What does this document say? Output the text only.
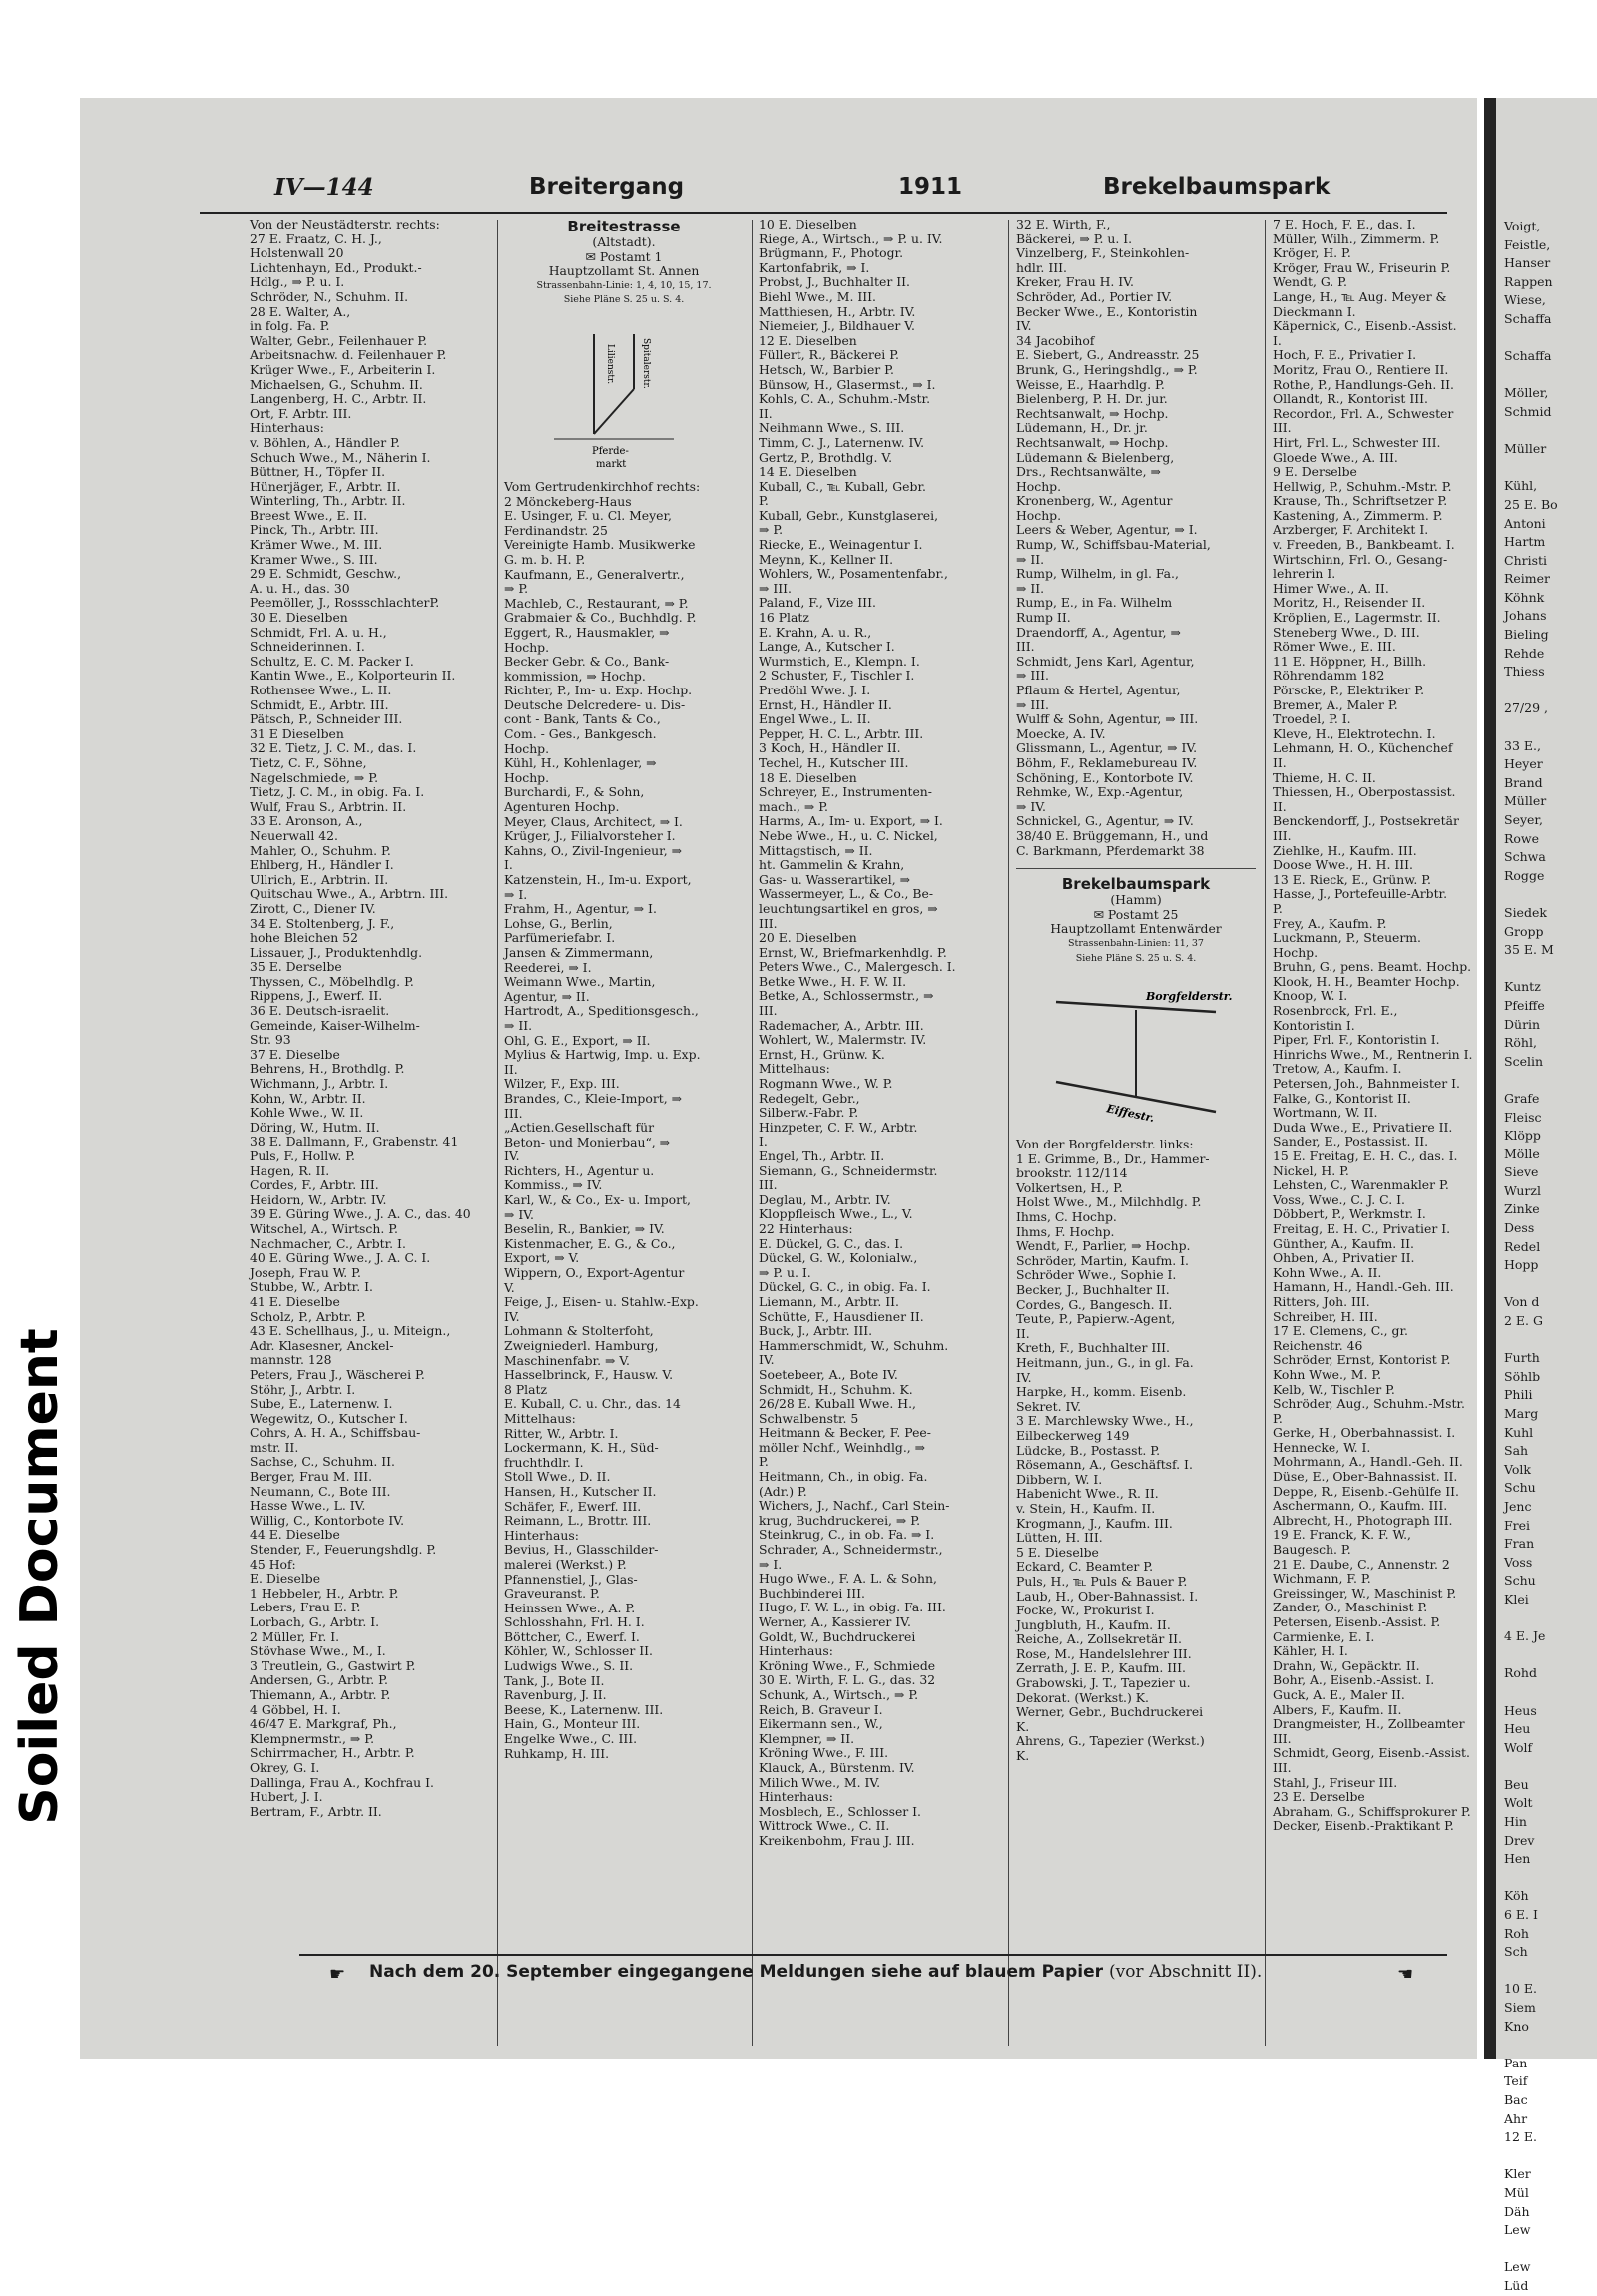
Soiled Document
IV—144	Breitergang	1911	Brekelbaumspark
Von der Neustädterstr. rechts:
27 E. Fraatz, C. H. J.,
Holstenwall 20
Lichtenhayn, Ed., Produkt.-
Hdlg., ⇒ P. u. I.
Schröder, N., Schuhm. II.
28 E. Walter, A.,
in folg. Fa. P.
Walter, Gebr., Feilenhauer P.
Arbeitsnachw. d. Feilenhauer P.
Krüger Wwe., F., Arbeiterin I.
Michaelsen, G., Schuhm. II.
Langenberg, H. C., Arbtr. II.
Ort, F. Arbtr. III.
Hinterhaus:
v. Böhlen, A., Händler P.
Schuch Wwe., M., Näherin I.
Büttner, H., Töpfer II.
Hünerjäger, F., Arbtr. II.
Winterling, Th., Arbtr. II.
Breest Wwe., E. II.
Pinck, Th., Arbtr. III.
Krämer Wwe., M. III.
Kramer Wwe., S. III.
29 E. Schmidt, Geschw.,
A. u. H., das. 30
Peemöller, J., RossschlachterP.
30 E. Dieselben
Schmidt, Frl. A. u. H.,
Schneiderinnen. I.
Schultz, E. C. M. Packer I.
Kantin Wwe., E., Kolporteurin II.
Rothensee Wwe., L. II.
Schmidt, E., Arbtr. III.
Pätsch, P., Schneider III.
31 E Dieselben
32 E. Tietz, J. C. M., das. I.
Tietz, C. F., Söhne,
Nagelschmiede, ⇒ P.
Tietz, J. C. M., in obig. Fa. I.
Wulf, Frau S., Arbtrin. II.
33 E. Aronson, A.,
Neuerwall 42.
Mahler, O., Schuhm. P.
Ehlberg, H., Händler I.
Ullrich, E., Arbtrin. II.
Quitschau Wwe., A., Arbtrn. III.
Zirott, C., Diener IV.
34 E. Stoltenberg, J. F.,
hohe Bleichen 52
Lissauer, J., Produktenhdlg.
35 E. Derselbe
Thyssen, C., Möbelhdlg. P.
Rippens, J., Ewerf. II.
36 E. Deutsch-israelit.
Gemeinde, Kaiser-Wilhelm-
Str. 93
37 E. Dieselbe
Behrens, H., Brothdlg. P.
Wichmann, J., Arbtr. I.
Kohn, W., Arbtr. II.
Kohle Wwe., W. II.
Döring, W., Hutm. II.
38 E. Dallmann, F., Grabenstr. 41
Puls, F., Hollw. P.
Hagen, R. II.
Cordes, F., Arbtr. III.
Heidorn, W., Arbtr. IV.
39 E. Güring Wwe., J. A. C., das. 40
Witschel, A., Wirtsch. P.
Nachmacher, C., Arbtr. I.
40 E. Güring Wwe., J. A. C. I.
Joseph, Frau W. P.
Stubbe, W., Arbtr. I.
41 E. Dieselbe
Scholz, P., Arbtr. P.
43 E. Schellhaus, J., u. Miteign.,
Adr. Klasesner, Anckel-
mannstr. 128
Peters, Frau J., Wäscherei P.
Stöhr, J., Arbtr. I.
Sube, E., Laternenw. I.
Wegewitz, O., Kutscher I.
Cohrs, A. H. A., Schiffsbau-
mstr. II.
Sachse, C., Schuhm. II.
Berger, Frau M. III.
Neumann, C., Bote III.
Hasse Wwe., L. IV.
Willig, C., Kontorbote IV.
44 E. Dieselbe
Stender, F., Feuerungshdlg. P.
45 Hof:
E. Dieselbe
1 Hebbeler, H., Arbtr. P.
Lebers, Frau E. P.
Lorbach, G., Arbtr. I.
2 Müller, Fr. I.
Stövhase Wwe., M., I.
3 Treutlein, G., Gastwirt P.
Andersen, G., Arbtr. P.
Thiemann, A., Arbtr. P.
4 Göbbel, H. I.
46/47 E. Markgraf, Ph.,
Klempnermstr., ⇒ P.
Schirrmacher, H., Arbtr. P.
Okrey, G. I.
Dallinga, Frau A., Kochfrau I.
Hubert, J. I.
Bertram, F., Arbtr. II.
Breitestrasse
(Altstadt).
✉ Postamt 1
Hauptzollamt St. Annen
Strassenbahn-Linie: 1, 4, 10, 15, 17.
Siehe Pläne S. 25 u. S. 4.
Lilienstr.	Spitalerstr.
Pferde-
markt
Vom Gertrudenkirchhof rechts:
2 Mönckeberg-Haus
E. Usinger, F. u. Cl. Meyer,
Ferdinandstr. 25
Vereinigte Hamb. Musikwerke
G. m. b. H. P.
Kaufmann, E., Generalvertr.,
⇒ P.
Machleb, C., Restaurant, ⇒ P.
Grabmaier & Co., Buchhdlg. P.
Eggert, R., Hausmakler, ⇒
Hochp.
Becker Gebr. & Co., Bank-
kommission, ⇒ Hochp.
Richter, P., Im- u. Exp. Hochp.
Deutsche Delcredere- u. Dis-
cont - Bank, Tants & Co.,
Com. - Ges., Bankgesch.
Hochp.
Kühl, H., Kohlenlager, ⇒
Hochp.
Burchardi, F., & Sohn,
Agenturen Hochp.
Meyer, Claus, Architect, ⇒ I.
Krüger, J., Filialvorsteher I.
Kahns, O., Zivil-Ingenieur, ⇒
I.
Katzenstein, H., Im-u. Export,
⇒ I.
Frahm, H., Agentur, ⇒ I.
Lohse, G., Berlin,
Parfümeriefabr. I.
Jansen & Zimmermann,
Reederei, ⇒ I.
Weimann Wwe., Martin,
Agentur, ⇒ II.
Hartrodt, A., Speditionsgesch.,
⇒ II.
Ohl, G. E., Export, ⇒ II.
Mylius & Hartwig, Imp. u. Exp.
II.
Wilzer, F., Exp. III.
Brandes, C., Kleie-Import, ⇒
III.
„Actien.Gesellschaft für
Beton- und Monierbau“, ⇒
IV.
Richters, H., Agentur u.
Kommiss., ⇒ IV.
Karl, W., & Co., Ex- u. Import,
⇒ IV.
Beselin, R., Bankier, ⇒ IV.
Kistenmacher, E. G., & Co.,
Export, ⇒ V.
Wippern, O., Export-Agentur
V.
Feige, J., Eisen- u. Stahlw.-Exp.
IV.
Lohmann & Stolterfoht,
Zweigniederl. Hamburg,
Maschinenfabr. ⇒ V.
Hasselbrinck, F., Hausw. V.
8 Platz
E. Kuball, C. u. Chr., das. 14
Mittelhaus:
Ritter, W., Arbtr. I.
Lockermann, K. H., Süd-
fruchthdlr. I.
Stoll Wwe., D. II.
Hansen, H., Kutscher II.
Schäfer, F., Ewerf. III.
Reimann, L., Brottr. III.
Hinterhaus:
Bevius, H., Glasschilder-
malerei (Werkst.) P.
Pfannenstiel, J., Glas-
Graveuranst. P.
Heinssen Wwe., A. P.
Schlosshahn, Frl. H. I.
Böttcher, C., Ewerf. I.
Köhler, W., Schlosser II.
Ludwigs Wwe., S. II.
Tank, J., Bote II.
Ravenburg, J. II.
Beese, K., Laternenw. III.
Hain, G., Monteur III.
Engelke Wwe., C. III.
Ruhkamp, H. III.
10 E. Dieselben
Riege, A., Wirtsch., ⇒ P. u. IV.
Brügmann, F., Photogr.
Kartonfabrik, ⇒ I.
Probst, J., Buchhalter II.
Biehl Wwe., M. III.
Matthiesen, H., Arbtr. IV.
Niemeier, J., Bildhauer V.
12 E. Dieselben
Füllert, R., Bäckerei P.
Hetsch, W., Barbier P.
Bünsow, H., Glasermst., ⇒ I.
Kohls, C. A., Schuhm.-Mstr.
II.
Neihmann Wwe., S. III.
Timm, C. J., Laternenw. IV.
Gertz, P., Brothdlg. V.
14 E. Dieselben
Kuball, C., ℡ Kuball, Gebr.
P.
Kuball, Gebr., Kunstglaserei,
⇒ P.
Riecke, E., Weinagentur I.
Meynn, K., Kellner II.
Wohlers, W., Posamentenfabr.,
⇒ III.
Paland, F., Vize III.
16 Platz
E. Krahn, A. u. R.,
Lange, A., Kutscher I.
Wurmstich, E., Klempn. I.
2 Schuster, F., Tischler I.
Predöhl Wwe. J. I.
Ernst, H., Händler II.
Engel Wwe., L. II.
Pepper, H. C. L., Arbtr. III.
3 Koch, H., Händler II.
Techel, H., Kutscher III.
18 E. Dieselben
Schreyer, E., Instrumenten-
mach., ⇒ P.
Harms, A., Im- u. Export, ⇒ I.
Nebe Wwe., H., u. C. Nickel,
Mittagstisch, ⇒ II.
ht. Gammelin & Krahn,
Gas- u. Wasserartikel, ⇒
Wassermeyer, L., & Co., Be-
leuchtungsartikel en gros, ⇒
III.
20 E. Dieselben
Ernst, W., Briefmarkenhdlg. P.
Peters Wwe., C., Malergesch. I.
Betke Wwe., H. F. W. II.
Betke, A., Schlossermstr., ⇒
III.
Rademacher, A., Arbtr. III.
Wohlert, W., Malermstr. IV.
Ernst, H., Grünw. K.
Mittelhaus:
Rogmann Wwe., W. P.
Redegelt, Gebr.,
Silberw.-Fabr. P.
Hinzpeter, C. F. W., Arbtr.
I.
Engel, Th., Arbtr. II.
Siemann, G., Schneidermstr.
III.
Deglau, M., Arbtr. IV.
Kloppfleisch Wwe., L., V.
22 Hinterhaus:
E. Dückel, G. C., das. I.
Dückel, G. W., Kolonialw.,
⇒ P. u. I.
Dückel, G. C., in obig. Fa. I.
Liemann, M., Arbtr. II.
Schütte, F., Hausdiener II.
Buck, J., Arbtr. III.
Hammerschmidt, W., Schuhm.
IV.
Soetebeer, A., Bote IV.
Schmidt, H., Schuhm. K.
26/28 E. Kuball Wwe. H.,
Schwalbenstr. 5
Heitmann & Becker, F. Pee-
möller Nchf., Weinhdlg., ⇒
P.
Heitmann, Ch., in obig. Fa.
(Adr.) P.
Wichers, J., Nachf., Carl Stein-
krug, Buchdruckerei, ⇒ P.
Steinkrug, C., in ob. Fa. ⇒ I.
Schrader, A., Schneidermstr.,
⇒ I.
Hugo Wwe., F. A. L. & Sohn,
Buchbinderei III.
Hugo, F. W. L., in obig. Fa. III.
Werner, A., Kassierer IV.
Goldt, W., Buchdruckerei
Hinterhaus:
Kröning Wwe., F., Schmiede
30 E. Wirth, F. L. G., das. 32
Schunk, A., Wirtsch., ⇒ P.
Reich, B. Graveur I.
Eikermann sen., W.,
Klempner, ⇒ II.
Kröning Wwe., F. III.
Klauck, A., Bürstenm. IV.
Milich Wwe., M. IV.
Hinterhaus:
Mosblech, E., Schlosser I.
Wittrock Wwe., C. II.
Kreikenbohm, Frau J. III.
32 E. Wirth, F.,
Bäckerei, ⇒ P. u. I.
Vinzelberg, F., Steinkohlen-
hdlr. III.
Kreker, Frau H. IV.
Schröder, Ad., Portier IV.
Becker Wwe., E., Kontoristin
IV.
34 Jacobihof
E. Siebert, G., Andreasstr. 25
Brunk, G., Heringshdlg., ⇒ P.
Weisse, E., Haarhdlg. P.
Bielenberg, P. H. Dr. jur.
Rechtsanwalt, ⇒ Hochp.
Lüdemann, H., Dr. jr.
Rechtsanwalt, ⇒ Hochp.
Lüdemann & Bielenberg,
Drs., Rechtsanwälte, ⇒
Hochp.
Kronenberg, W., Agentur
Hochp.
Leers & Weber, Agentur, ⇒ I.
Rump, W., Schiffsbau-Material,
⇒ II.
Rump, Wilhelm, in gl. Fa.,
⇒ II.
Rump, E., in Fa. Wilhelm
Rump II.
Draendorff, A., Agentur, ⇒
III.
Schmidt, Jens Karl, Agentur,
⇒ III.
Pflaum & Hertel, Agentur,
⇒ III.
Wulff & Sohn, Agentur, ⇒ III.
Moecke, A. IV.
Glissmann, L., Agentur, ⇒ IV.
Böhm, F., Reklamebureau IV.
Schöning, E., Kontorbote IV.
Rehmke, W., Exp.-Agentur,
⇒ IV.
Schnickel, G., Agentur, ⇒ IV.
38/40 E. Brüggemann, H., und
C. Barkmann, Pferdemarkt 38
Brekelbaumspark
(Hamm)
✉ Postamt 25
Hauptzollamt Entenwärder
Strassenbahn-Linien: 11, 37
Siehe Pläne S. 25 u. S. 4.
Borgfelderstr.
Eiffestr.
Von der Borgfelderstr. links:
1 E. Grimme, B., Dr., Hammer-
brookstr. 112/114
Volkertsen, H., P.
Holst Wwe., M., Milchhdlg. P.
Ihms, C. Hochp.
Ihms, F. Hochp.
Wendt, F., Parlier, ⇒ Hochp.
Schröder, Martin, Kaufm. I.
Schröder Wwe., Sophie I.
Becker, J., Buchhalter II.
Cordes, G., Bangesch. II.
Teute, P., Papierw.-Agent,
II.
Kreth, F., Buchhalter III.
Heitmann, jun., G., in gl. Fa.
IV.
Harpke, H., komm. Eisenb.
Sekret. IV.
3 E. Marchlewsky Wwe., H.,
Eilbeckerweg 149
Lüdcke, B., Postasst. P.
Rösemann, A., Geschäftsf. I.
Dibbern, W. I.
Habenicht Wwe., R. II.
v. Stein, H., Kaufm. II.
Krogmann, J., Kaufm. III.
Lütten, H. III.
5 E. Dieselbe
Eckard, C. Beamter P.
Puls, H., ℡ Puls & Bauer P.
Laub, H., Ober-Bahnassist. I.
Focke, W., Prokurist I.
Jungbluth, H., Kaufm. II.
Reiche, A., Zollsekretär II.
Rose, M., Handelslehrer III.
Zerrath, J. E. P., Kaufm. III.
Grabowski, J. T., Tapezier u.
Dekorat. (Werkst.) K.
Werner, Gebr., Buchdruckerei
K.
Ahrens, G., Tapezier (Werkst.)
K.
7 E. Hoch, F. E., das. I.
Müller, Wilh., Zimmerm. P.
Kröger, H. P.
Kröger, Frau W., Friseurin P.
Wendt, G. P.
Lange, H., ℡ Aug. Meyer &
Dieckmann I.
Käpernick, C., Eisenb.-Assist.
I.
Hoch, F. E., Privatier I.
Moritz, Frau O., Rentiere II.
Rothe, P., Handlungs-Geh. II.
Ollandt, R., Kontorist III.
Recordon, Frl. A., Schwester
III.
Hirt, Frl. L., Schwester III.
Gloede Wwe., A. III.
9 E. Derselbe
Hellwig, P., Schuhm.-Mstr. P.
Krause, Th., Schriftsetzer P.
Kastening, A., Zimmerm. P.
Arzberger, F. Architekt I.
v. Freeden, B., Bankbeamt. I.
Wirtschinn, Frl. O., Gesang-
lehrerin I.
Himer Wwe., A. II.
Moritz, H., Reisender II.
Kröplien, E., Lagermstr. II.
Steneberg Wwe., D. III.
Römer Wwe., E. III.
11 E. Höppner, H., Billh.
Röhrendamm 182
Pörscke, P., Elektriker P.
Bremer, A., Maler P.
Troedel, P. I.
Kleve, H., Elektrotechn. I.
Lehmann, H. O., Küchenchef
II.
Thieme, H. C. II.
Thiessen, H., Oberpostassist.
II.
Benckendorff, J., Postsekretär
III.
Ziehlke, H., Kaufm. III.
Doose Wwe., H. H. III.
13 E. Rieck, E., Grünw. P.
Hasse, J., Portefeuille-Arbtr.
P.
Frey, A., Kaufm. P.
Luckmann, P., Steuerm.
Hochp.
Bruhn, G., pens. Beamt. Hochp.
Klook, H. H., Beamter Hochp.
Knoop, W. I.
Rosenbrock, Frl. E.,
Kontoristin I.
Piper, Frl. F., Kontoristin I.
Hinrichs Wwe., M., Rentnerin I.
Tretow, A., Kaufm. I.
Petersen, Joh., Bahnmeister I.
Falke, G., Kontorist II.
Wortmann, W. II.
Duda Wwe., E., Privatiere II.
Sander, E., Postassist. II.
15 E. Freitag, E. H. C., das. I.
Nickel, H. P.
Lehsten, C., Warenmakler P.
Voss, Wwe., C. J. C. I.
Döbbert, P., Werkmstr. I.
Freitag, E. H. C., Privatier I.
Günther, A., Kaufm. II.
Ohben, A., Privatier II.
Kohn Wwe., A. II.
Hamann, H., Handl.-Geh. III.
Ritters, Joh. III.
Schreiber, H. III.
17 E. Clemens, C., gr.
Reichenstr. 46
Schröder, Ernst, Kontorist P.
Kohn Wwe., M. P.
Kelb, W., Tischler P.
Schröder, Aug., Schuhm.-Mstr.
P.
Gerke, H., Oberbahnassist. I.
Hennecke, W. I.
Mohrmann, A., Handl.-Geh. II.
Düse, E., Ober-Bahnassist. II.
Deppe, R., Eisenb.-Gehülfe II.
Aschermann, O., Kaufm. III.
Albrecht, H., Photograph III.
19 E. Franck, K. F. W.,
Baugesch. P.
21 E. Daube, C., Annenstr. 2
Wichmann, F. P.
Greissinger, W., Maschinist P.
Zander, O., Maschinist P.
Petersen, Eisenb.-Assist. P.
Carmienke, E. I.
Kähler, H. I.
Drahn, W., Gepäcktr. II.
Bohr, A., Eisenb.-Assist. I.
Guck, A. E., Maler II.
Albers, F., Kaufm. II.
Drangmeister, H., Zollbeamter
III.
Schmidt, Georg, Eisenb.-Assist.
III.
Stahl, J., Friseur III.
23 E. Derselbe
Abraham, G., Schiffsprokurer P.
Decker, Eisenb.-Praktikant P.
☛ Nach dem 20. September eingegangene Meldungen siehe auf blauem Papier (vor Abschnitt II).	☚
Voigt,
Feistle,
Hanser
Rappen
Wiese,
Schaffa

Schaffa

Möller,
Schmid

Müller

Kühl,
25 E. Bo
Antoni
Hartm
Christi
Reimer
Köhnk
Johans
Bieling
Rehde
Thiess

27/29 ,

33 E.,
Heyer
Brand
Müller
Seyer,
Rowe
Schwa
Rogge

Siedek
Gropp
35 E. M

Kuntz
Pfeiffe
Dürin
Röhl,
Scelin

Grafe
Fleisc
Klöpp
Mölle
Sieve
Wurzl
Zinke
Dess
Redel
Hopp

Von d
2 E. G

Furth
Söhlb
Phili
Marg
Kuhl
Sah
Volk
Schu
Jenc
Frei
Fran
Voss
Schu
Klei

4 E. Je

Rohd

Heus
Heu
Wolf

Beu
Wolt
Hin
Drev
Hen

Köh
6 E. I
Roh
Sch

10 E.
Siem
Kno

Pan
Teif
Bac
Ahr
12 E.

Kler
Mül
Däh
Lew

Lew
Lüd
